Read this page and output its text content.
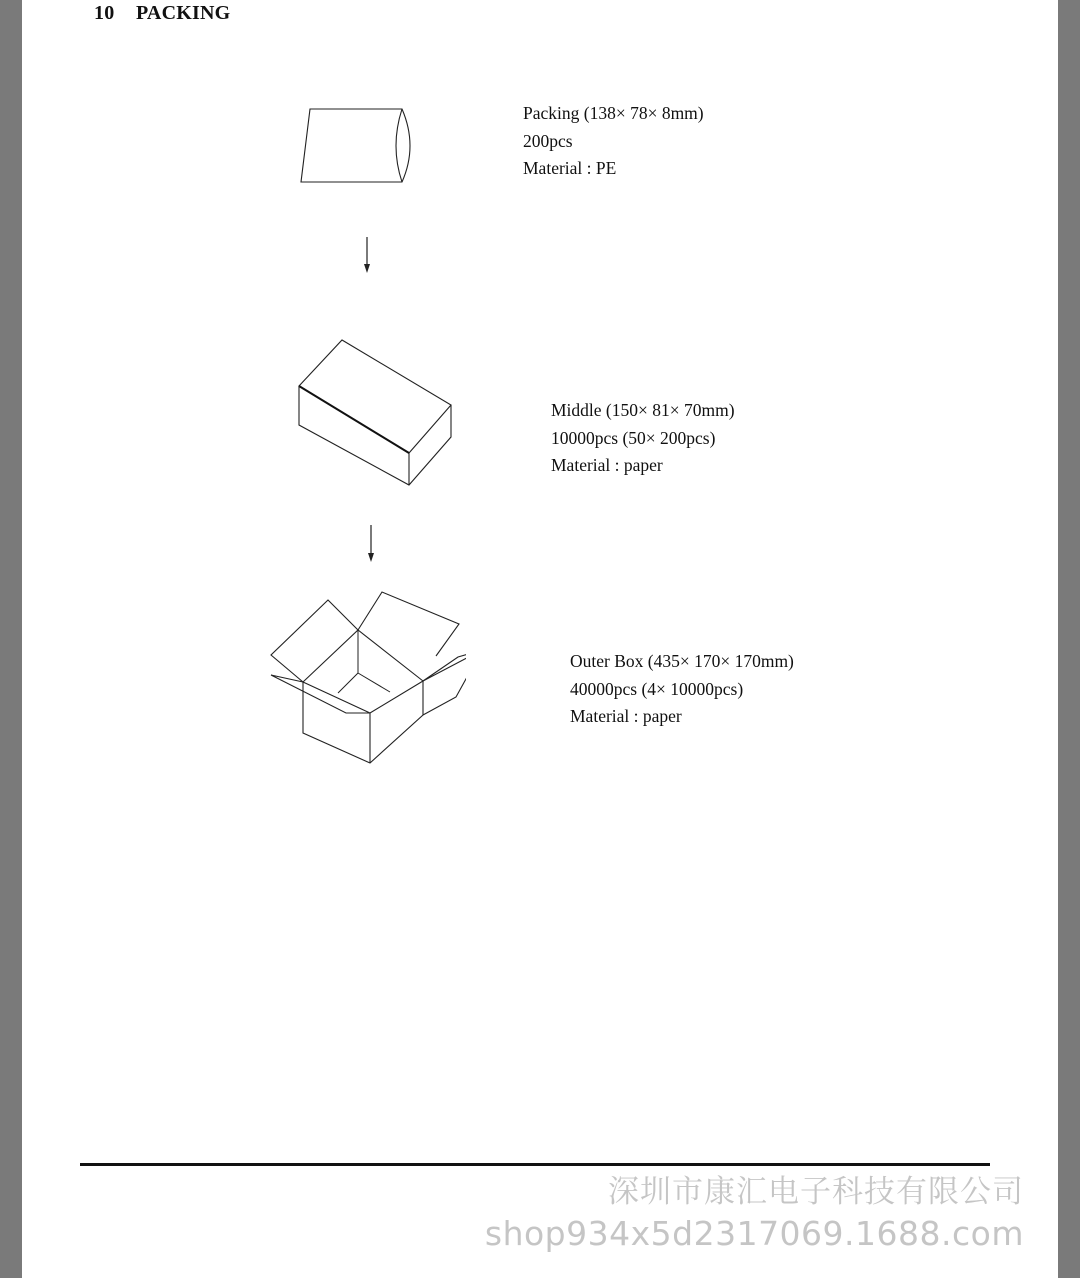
10 PACKING
Packing (138× 78× 8mm)
200pcs
Material : PE
Middle (150× 81× 70mm)
10000pcs (50× 200pcs)
Material : paper
Outer Box (435× 170× 170mm)
40000pcs (4× 10000pcs)
Material : paper
深圳市康汇电子科技有限公司
shop934x5d2317069.1688.com
